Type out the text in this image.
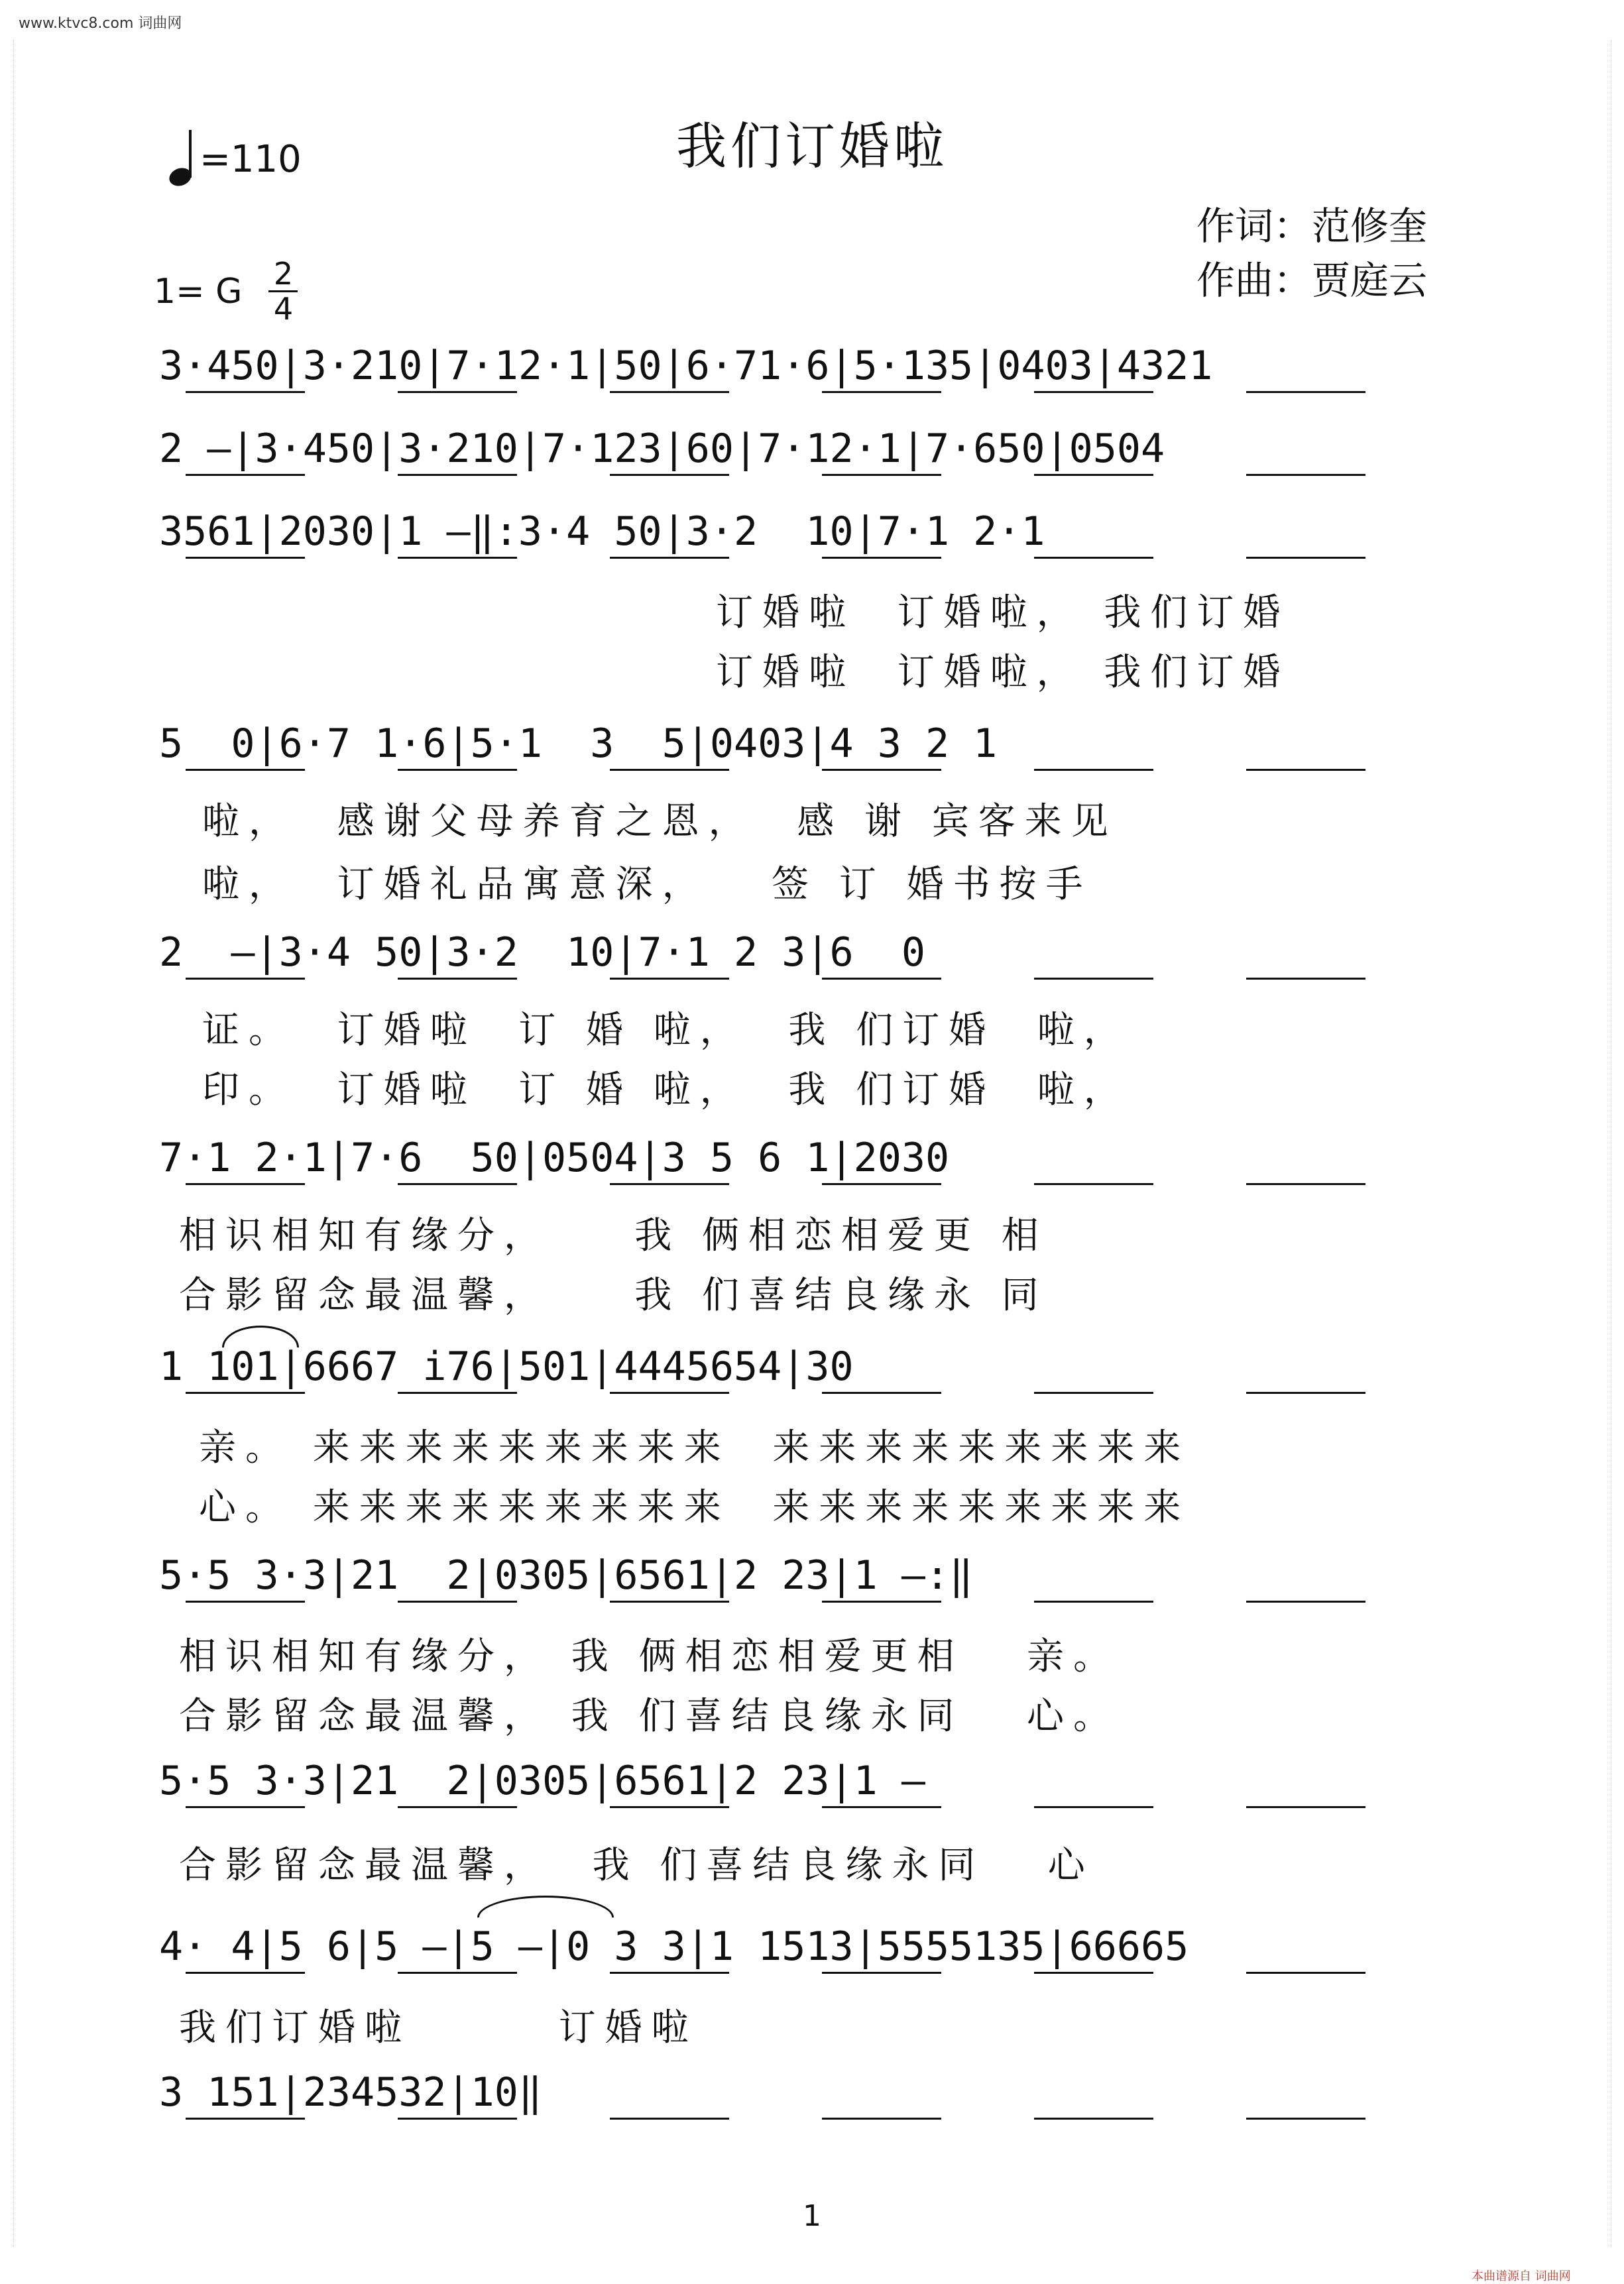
www.ktvc8.com 词曲网
我们订婚啦
=110
1= G $\frac{2}{4}$
作词：范修奎
作曲：贾庭云
3·450|3·210|7·12·1|50|6·71·6|5·135|0403|4321
2 —|3·450|3·210|7·123|60|7·12·1|7·650|0504
3561|2030|1 —‖:3·4 50|3·2  10|7·1 2·1
5  0|6·7 1·6|5·1  3  5|0403|4 3 2 1
2  —|3·4 50|3·2  10|7·1 2 3|6  0
7·1 2·1|7·6  50|0504|3 5 6 1|2030
1 101|6667 i76|501|4445654|30
5·5 3·3|21  2|0305|6561|2 23|1 —:‖
5·5 3·3|21  2|0305|6561|2 23|1 —
4· 4|5 6|5 —|5 —|0 3 3|1 1513|5555135|66665
3 151|234532|10‖
订婚啦  订婚啦， 我们订婚
订婚啦  订婚啦， 我们订婚
啦，  感谢父母养育之恩，  感 谢 宾客来见
啦，  订婚礼品寓意深，   签 订 婚书按手
证。  订婚啦  订 婚 啦，  我 们订婚  啦，
印。  订婚啦  订 婚 啦，  我 们订婚  啦，
相识相知有缘分，    我 俩相恋相爱更 相
合影留念最温馨，    我 们喜结良缘永 同
亲。 来来来来来来来来来  来来来来来来来来来
心。 来来来来来来来来来  来来来来来来来来来
相识相知有缘分， 我 俩相恋相爱更相   亲。
合影留念最温馨， 我 们喜结良缘永同   心。
合影留念最温馨，  我 们喜结良缘永同   心
我们订婚啦       订婚啦
1
本曲谱源自 词曲网
